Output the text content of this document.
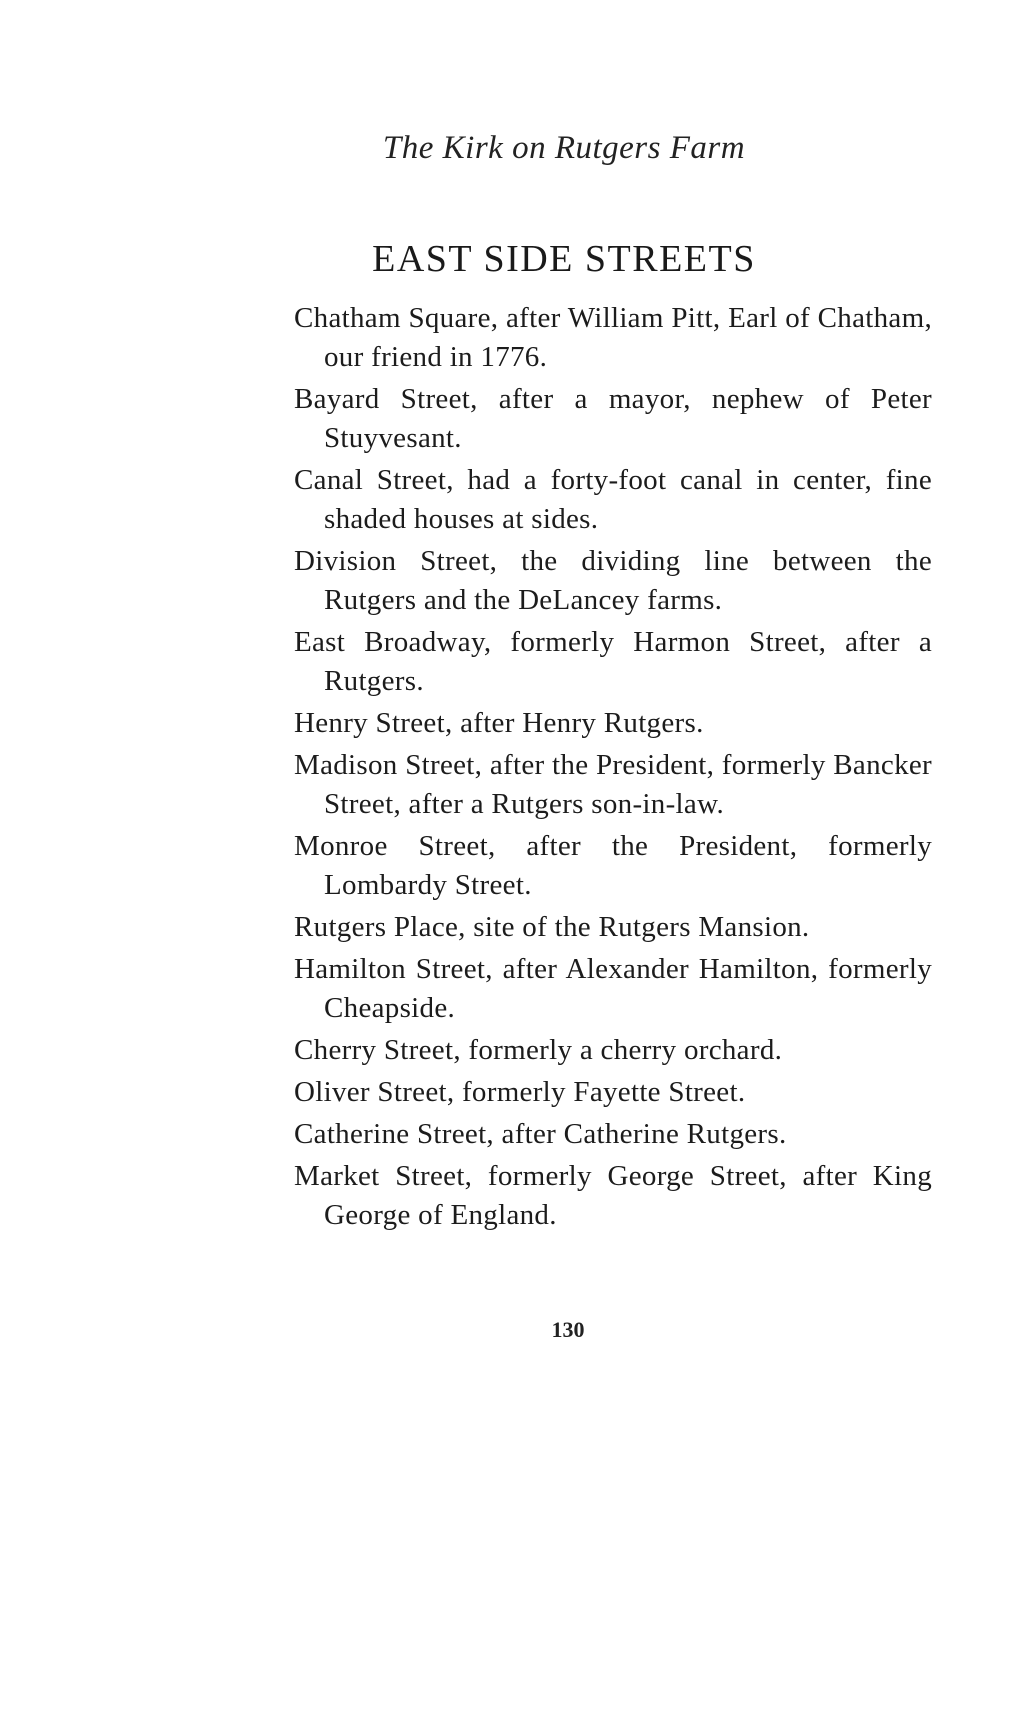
The Kirk on Rutgers Farm
EAST SIDE STREETS
Chatham Square, after William Pitt, Earl of Chatham, our friend in 1776.
Bayard Street, after a mayor, nephew of Peter Stuyvesant.
Canal Street, had a forty-foot canal in center, fine shaded houses at sides.
Division Street, the dividing line between the Rutgers and the DeLancey farms.
East Broadway, formerly Harmon Street, after a Rutgers.
Henry Street, after Henry Rutgers.
Madison Street, after the President, formerly Bancker Street, after a Rutgers son-in-law.
Monroe Street, after the President, formerly Lombardy Street.
Rutgers Place, site of the Rutgers Mansion.
Hamilton Street, after Alexander Hamilton, formerly Cheapside.
Cherry Street, formerly a cherry orchard.
Oliver Street, formerly Fayette Street.
Catherine Street, after Catherine Rutgers.
Market Street, formerly George Street, after King George of England.
130
